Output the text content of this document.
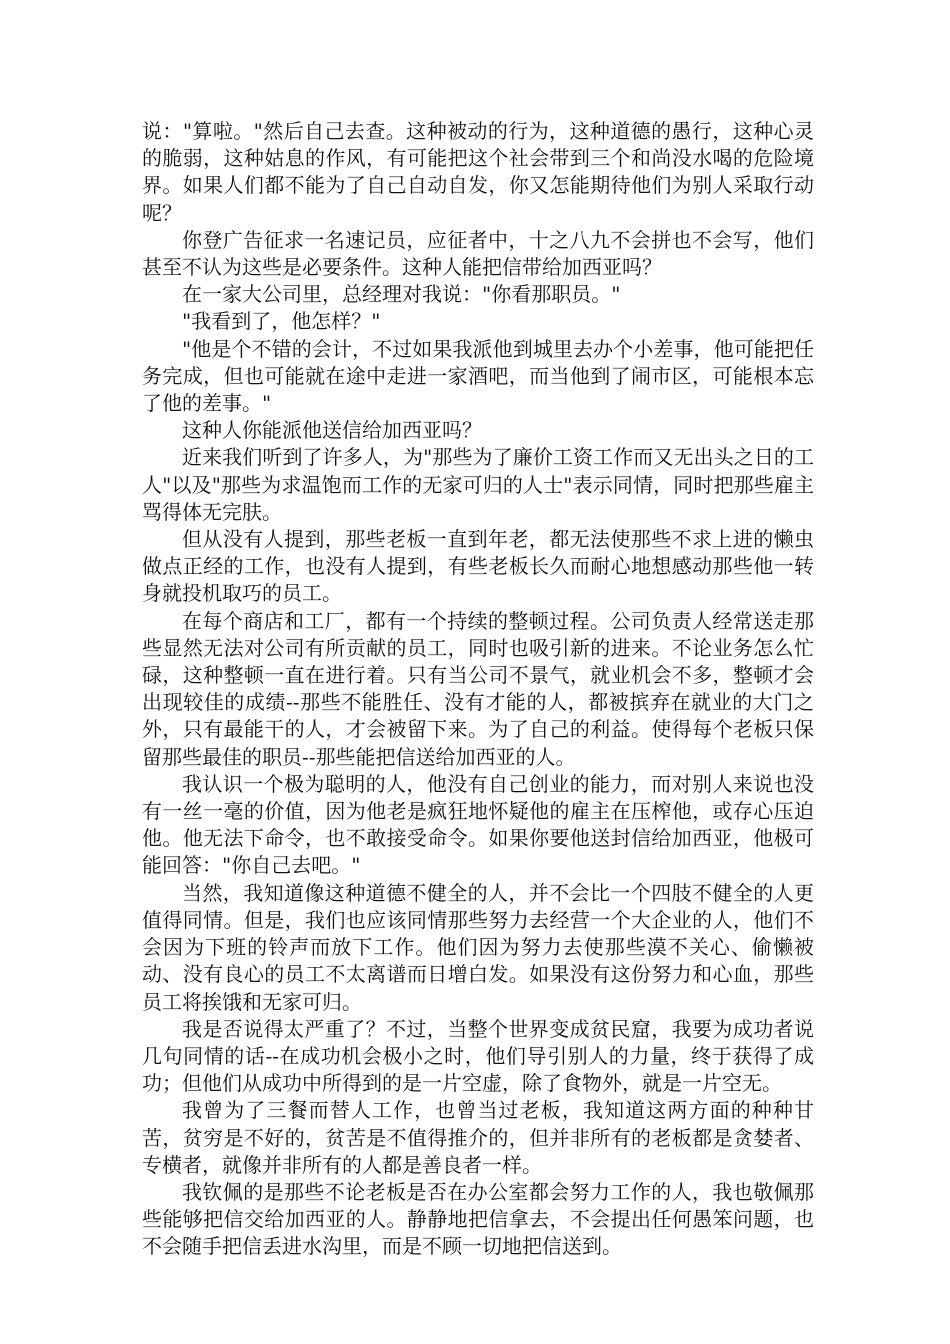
说："算啦。"然后自己去查。这种被动的行为，这种道德的愚行，这种心灵的脆弱，这种姑息的作风，有可能把这个社会带到三个和尚没水喝的危险境界。如果人们都不能为了自己自动自发，你又怎能期待他们为别人采取行动呢？

你登广告征求一名速记员，应征者中，十之八九不会拼也不会写，他们甚至不认为这些是必要条件。这种人能把信带给加西亚吗？

在一家大公司里，总经理对我说："你看那职员。"

"我看到了，他怎样？"

"他是个不错的会计，不过如果我派他到城里去办个小差事，他可能把任务完成，但也可能就在途中走进一家酒吧，而当他到了闹市区，可能根本忘了他的差事。"

这种人你能派他送信给加西亚吗？

近来我们听到了许多人，为"那些为了廉价工资工作而又无出头之日的工人"以及"那些为求温饱而工作的无家可归的人士"表示同情，同时把那些雇主骂得体无完肤。

但从没有人提到，那些老板一直到年老，都无法使那些不求上进的懒虫做点正经的工作，也没有人提到，有些老板长久而耐心地想感动那些他一转身就投机取巧的员工。

在每个商店和工厂，都有一个持续的整顿过程。公司负责人经常送走那些显然无法对公司有所贡献的员工，同时也吸引新的进来。不论业务怎么忙碌，这种整顿一直在进行着。只有当公司不景气，就业机会不多，整顿才会出现较佳的成绩--那些不能胜任、没有才能的人，都被摈弃在就业的大门之外，只有最能干的人，才会被留下来。为了自己的利益。使得每个老板只保留那些最佳的职员--那些能把信送给加西亚的人。

我认识一个极为聪明的人，他没有自己创业的能力，而对别人来说也没有一丝一毫的价值，因为他老是疯狂地怀疑他的雇主在压榨他，或存心压迫他。他无法下命令，也不敢接受命令。如果你要他送封信给加西亚，他极可能回答："你自己去吧。"

当然，我知道像这种道德不健全的人，并不会比一个四肢不健全的人更值得同情。但是，我们也应该同情那些努力去经营一个大企业的人，他们不会因为下班的铃声而放下工作。他们因为努力去使那些漠不关心、偷懒被动、没有良心的员工不太离谱而日增白发。如果没有这份努力和心血，那些员工将挨饿和无家可归。

我是否说得太严重了？不过，当整个世界变成贫民窟，我要为成功者说几句同情的话--在成功机会极小之时，他们导引别人的力量，终于获得了成功；但他们从成功中所得到的是一片空虚，除了食物外，就是一片空无。

我曾为了三餐而替人工作，也曾当过老板，我知道这两方面的种种甘苦，贫穷是不好的，贫苦是不值得推介的，但并非所有的老板都是贪婪者、专横者，就像并非所有的人都是善良者一样。

我钦佩的是那些不论老板是否在办公室都会努力工作的人，我也敬佩那些能够把信交给加西亚的人。静静地把信拿去，不会提出任何愚笨问题，也不会随手把信丢进水沟里，而是不顾一切地把信送到。
